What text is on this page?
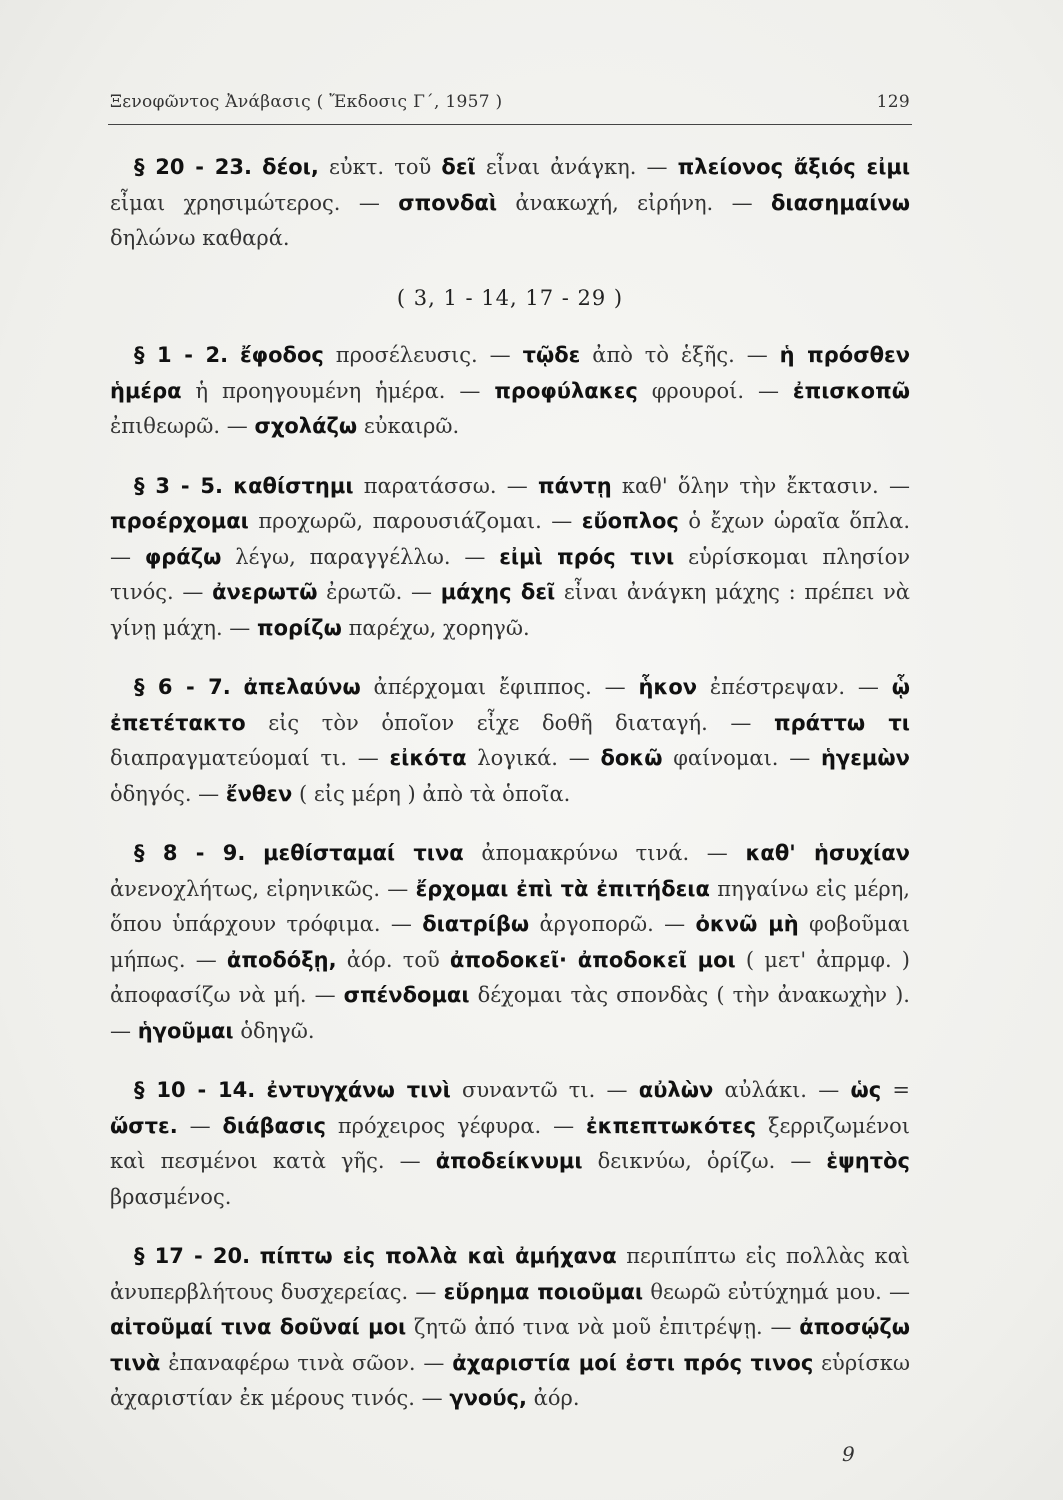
Ξενοφῶντος Ἀνάβασις ( Ἔκδοσις Γ΄, 1957 )	129

§ 20 - 23. δέοι, εὐκτ. τοῦ δεῖ εἶναι ἀνάγκη. — πλείονος ἄξιός εἰμι εἶμαι χρησιμώτερος. — σπονδαὶ ἀνακωχή, εἰρήνη. — διασημαίνω δηλώνω καθαρά.

( 3, 1 - 14, 17 - 29 )

§ 1 - 2. ἔφοδος προσέλευσις. — τῷδε ἀπὸ τὸ ἑξῆς. — ἡ πρόσθεν ἡμέρα ἡ προηγουμένη ἡμέρα. — προφύλακες φρουροί. — ἐπισκοπῶ ἐπιθεωρῶ. — σχολάζω εὐκαιρῶ.

§ 3 - 5. καθίστημι παρατάσσω. — πάντῃ καθ' ὅλην τὴν ἔκτασιν. — προέρχομαι προχωρῶ, παρουσιάζομαι. — εὔοπλος ὁ ἔχων ὡραῖα ὅπλα. — φράζω λέγω, παραγγέλλω. — εἰμὶ πρός τινι εὑρίσκομαι πλησίον τινός. — ἀνερωτῶ ἐρωτῶ. — μάχης δεῖ εἶναι ἀνάγκη μάχης : πρέπει νὰ γίνῃ μάχη. — πορίζω παρέχω, χορηγῶ.

§ 6 - 7. ἀπελαύνω ἀπέρχομαι ἔφιππος. — ἧκον ἐπέστρεψαν. — ᾧ ἐπετέτακτο εἰς τὸν ὁποῖον εἶχε δοθῆ διαταγή. — πράττω τι διαπραγματεύομαί τι. — εἰκότα λογικά. — δοκῶ φαίνομαι. — ἡγεμὼν ὁδηγός. — ἔνθεν ( εἰς μέρη ) ἀπὸ τὰ ὁποῖα.

§ 8 - 9. μεθίσταμαί τινα ἀπομακρύνω τινά. — καθ' ἡσυχίαν ἀνενοχλήτως, εἰρηνικῶς. — ἔρχομαι ἐπὶ τὰ ἐπιτήδεια πηγαίνω εἰς μέρη, ὅπου ὑπάρχουν τρόφιμα. — διατρίβω ἀργοπορῶ. — ὀκνῶ μὴ φοβοῦμαι μήπως. — ἀποδόξῃ, ἀόρ. τοῦ ἀποδοκεῖ· ἀποδοκεῖ μοι ( μετ' ἀπρμφ. ) ἀποφασίζω νὰ μή. — σπένδομαι δέχομαι τὰς σπονδὰς ( τὴν ἀνακωχὴν ). — ἡγοῦμαι ὁδηγῶ.

§ 10 - 14. ἐντυγχάνω τινὶ συναντῶ τι. — αὐλὼν αὐλάκι. — ὡς = ὥστε. — διάβασις πρόχειρος γέφυρα. — ἐκπεπτωκότες ξερριζωμένοι καὶ πεσμένοι κατὰ γῆς. — ἀποδείκνυμι δεικνύω, ὁρίζω. — ἑψητὸς βρασμένος.

§ 17 - 20. πίπτω εἰς πολλὰ καὶ ἀμήχανα περιπίπτω εἰς πολλὰς καὶ ἀνυπερβλήτους δυσχερείας. — εὕρημα ποιοῦμαι θεωρῶ εὐτύχημά μου. — αἰτοῦμαί τινα δοῦναί μοι ζητῶ ἀπό τινα νὰ μοῦ ἐπιτρέψῃ. — ἀποσῴζω τινὰ ἐπαναφέρω τινὰ σῶον. — ἀχαριστία μοί ἐστι πρός τινος εὑρίσκω ἀχαριστίαν ἐκ μέρους τινός. — γνούς, ἀόρ.

9
